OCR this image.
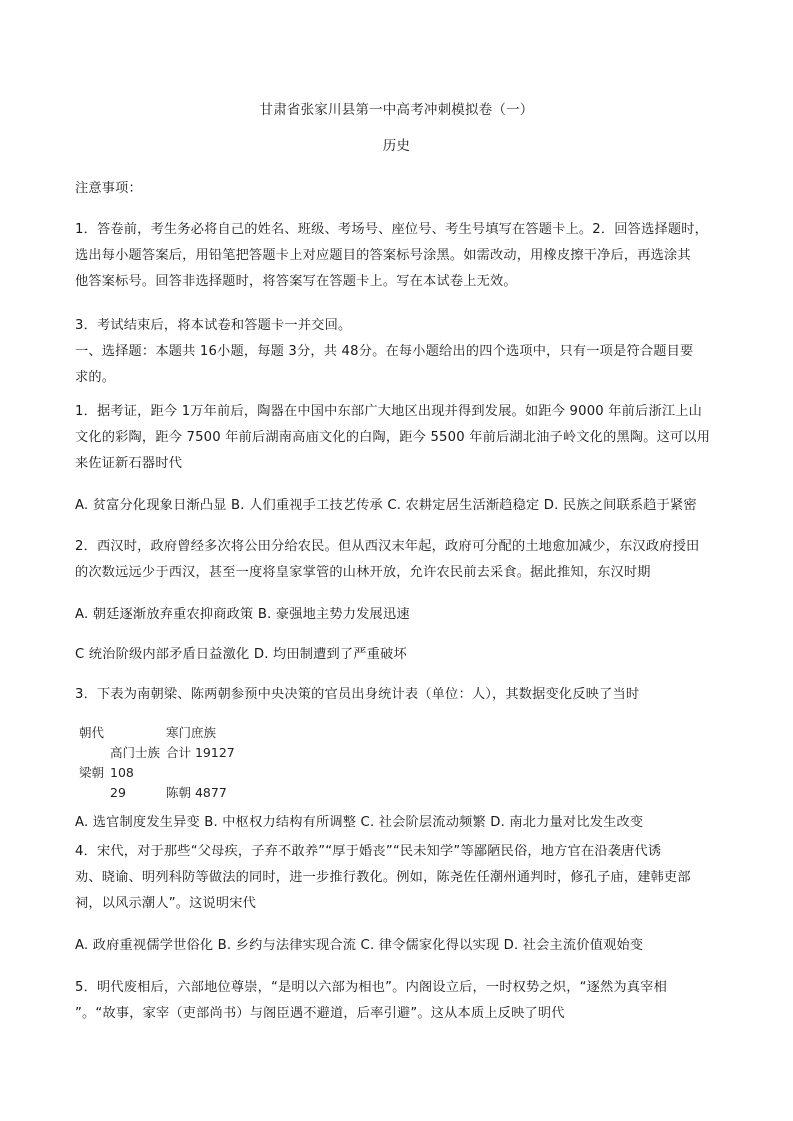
甘肃省张家川县第一中高考冲刺模拟卷（一）
历史
注意事项：
1．答卷前，考生务必将自己的姓名、班级、考场号、座位号、考生号填写在答题卡上。2．回答选择题时，
选出每小题答案后，用铅笔把答题卡上对应题目的答案标号涂黑。如需改动，用橡皮擦干净后，再选涂其
他答案标号。回答非选择题时，将答案写在答题卡上。写在本试卷上无效。
3．考试结束后，将本试卷和答题卡一并交回。
一、选择题：本题共 16小题，每题 3分，共 48分。在每小题给出的四个选项中，只有一项是符合题目要
求的。
1．据考证，距今 1万年前后，陶器在中国中东部广大地区出现并得到发展。如距今 9000 年前后浙江上山
文化的彩陶，距今 7500 年前后湖南高庙文化的白陶，距今 5500 年前后湖北油子岭文化的黑陶。这可以用
来佐证新石器时代
A. 贫富分化现象日渐凸显 B. 人们重视手工技艺传承 C. 农耕定居生活渐趋稳定 D. 民族之间联系趋于紧密
2．西汉时，政府曾经多次将公田分给农民。但从西汉末年起，政府可分配的土地愈加减少，东汉政府授田
的次数远远少于西汉，甚至一度将皇家掌管的山林开放，允许农民前去采食。据此推知，东汉时期
A. 朝廷逐渐放弃重农抑商政策 B. 豪强地主势力发展迅速
C 统治阶级内部矛盾日益激化 D. 均田制遭到了严重破坏
3．下表为南朝梁、陈两朝参预中央决策的官员出身统计表（单位：人），其数据变化反映了当时
朝代	寒门庶族
高门士族 合计 19127
梁朝 108
29	陈朝 4877
A. 选官制度发生异变 B. 中枢权力结构有所调整 C. 社会阶层流动频繁 D. 南北力量对比发生改变
4．宋代，对于那些“父母疾，子弃不敢养”“厚于婚丧”“民未知学”等鄙陋民俗，地方官在沿袭唐代诱
劝、晓谕、明列科防等做法的同时，进一步推行教化。例如，陈尧佐任潮州通判时，修孔子庙，建韩吏部
祠，以风示潮人”。这说明宋代
A. 政府重视儒学世俗化 B. 乡约与法律实现合流 C. 律令儒家化得以实现 D. 社会主流价值观始变
5．明代废相后，六部地位尊崇，“是明以六部为相也”。内阁设立后，一时权势之炽，“逐然为真宰相
”。“故事，家宰（吏部尚书）与阁臣遇不避道，后率引避”。这从本质上反映了明代
